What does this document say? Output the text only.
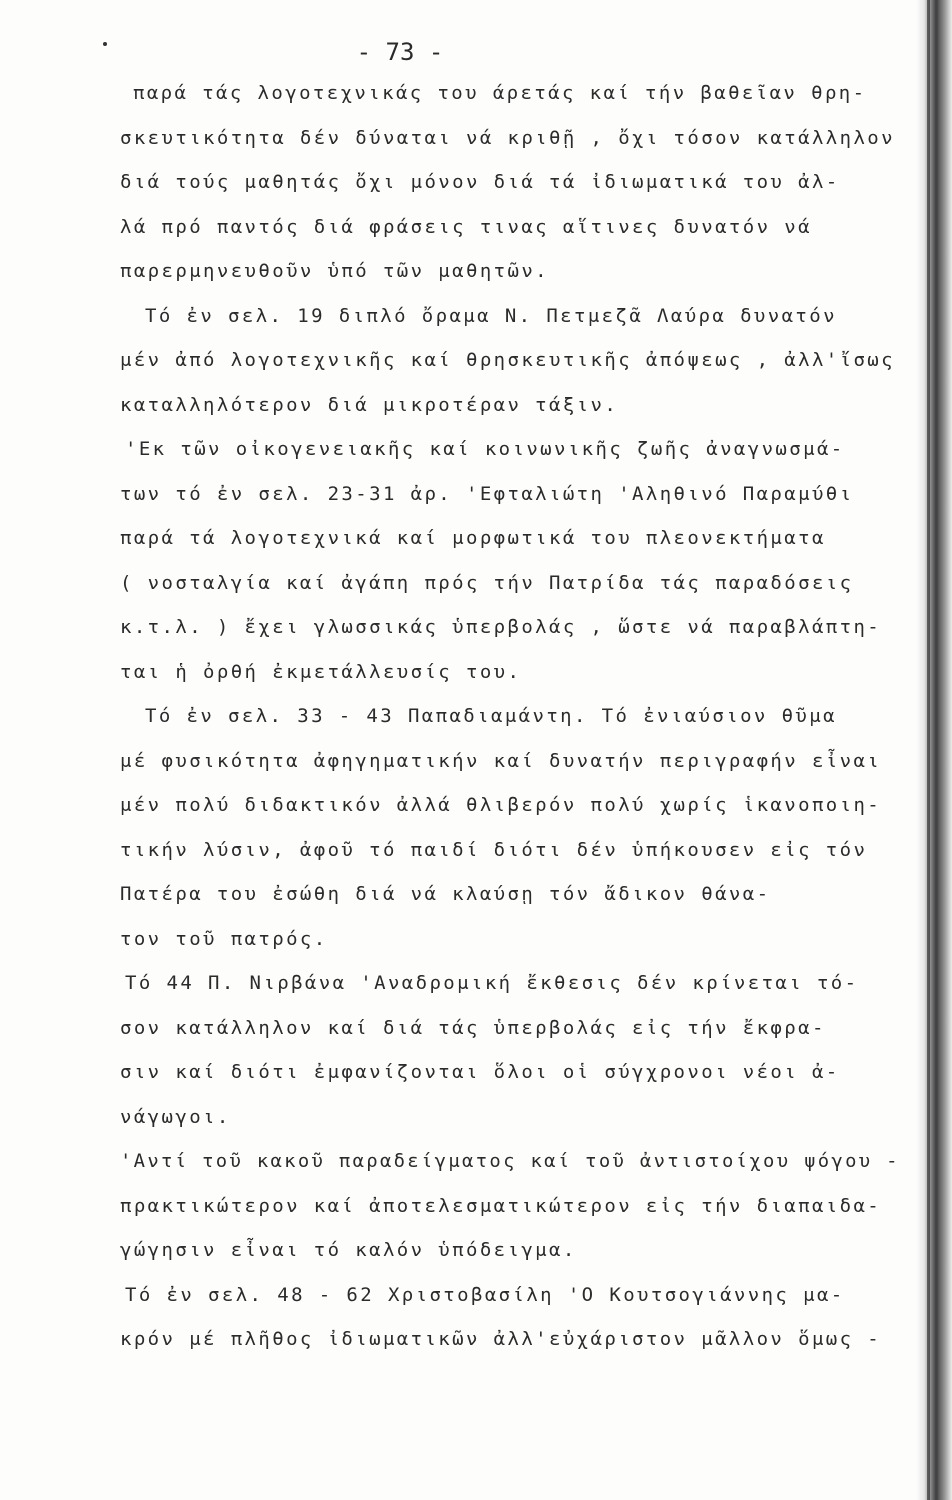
- 73 -
παρά τάς λογοτεχνικάς του άρετάς καί τήν βαθεῖαν θρη-
σκευτικότητα δέν δύναται νά κριθῇ , ὄχι τόσον κατάλληλον
διά τούς μαθητάς ὄχι μόνον διά τά ἰδιωματικά του ἀλ-
λά πρό παντός διά φράσεις τινας αἵτινες δυνατόν νά
παρερμηνευθοῦν ὑπό τῶν μαθητῶν.
Τό ἐν σελ. 19 διπλό ὄραμα Ν. Πετμεζᾶ Λαύρα δυνατόν
μέν ἀπό λογοτεχνικῆς καί θρησκευτικῆς ἀπόψεως , ἀλλ'ἴσως
καταλληλότερον διά μικροτέραν τάξιν.
'Εκ τῶν οἰκογενειακῆς καί κοινωνικῆς ζωῆς ἀναγνωσμά-
των τό ἐν σελ. 23-31 ἀρ. 'Εφταλιώτη 'Αληθινό Παραμύθι
παρά τά λογοτεχνικά καί μορφωτικά του πλεονεκτήματα
( νοσταλγία καί ἀγάπη πρός τήν Πατρίδα τάς παραδόσεις
κ.τ.λ. ) ἔχει γλωσσικάς ὑπερβολάς , ὥστε νά παραβλάπτη-
ται ἡ ὀρθή ἐκμετάλλευσίς του.
Τό ἐν σελ. 33 - 43 Παπαδιαμάντη. Τό ἐνιαύσιον θῦμα
μέ φυσικότητα ἀφηγηματικήν καί δυνατήν περιγραφήν εἶναι
μέν πολύ διδακτικόν ἀλλά θλιβερόν πολύ χωρίς ἱκανοποιη-
τικήν λύσιν, ἀφοῦ τό παιδί διότι δέν ὑπήκουσεν εἰς τόν
Πατέρα του ἐσώθη διά νά κλαύσῃ τόν ἄδικον θάνα-
τον τοῦ πατρός.
Τό 44 Π. Νιρβάνα 'Αναδρομική ἔκθεσις δέν κρίνεται τό-
σον κατάλληλον καί διά τάς ὑπερβολάς εἰς τήν ἔκφρα-
σιν καί διότι ἐμφανίζονται ὅλοι οἱ σύγχρονοι νέοι ἀ-
νάγωγοι.
'Αντί τοῦ κακοῦ παραδείγματος καί τοῦ ἀντιστοίχου ψόγου -
πρακτικώτερον καί ἀποτελεσματικώτερον εἰς τήν διαπαιδα-
γώγησιν εἶναι τό καλόν ὑπόδειγμα.
Τό ἐν σελ. 48 - 62 Χριστοβασίλη 'Ο Κουτσογιάννης μα-
κρόν μέ πλῆθος ἰδιωματικῶν ἀλλ'εὐχάριστον μᾶλλον ὅμως -
